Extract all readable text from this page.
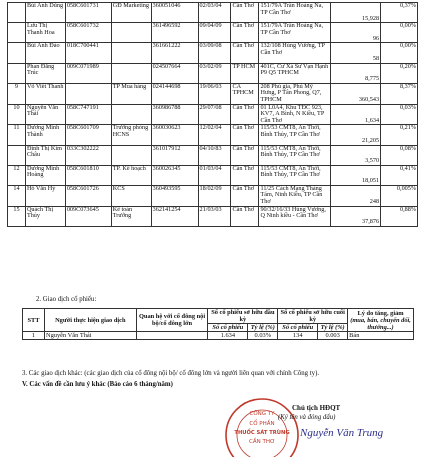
	Bùi Anh Dũng	058C601731	GĐ Marketing	360051046	02/03/04	Cần Thơ	151/79A Trần Hoàng Na, TP Cần Thơ	15,928	0,37%
	Lưu Thị Thanh Hoa	058C601732		361496592	09/04/09	Cần Thơ	151/79A Trần Hoàng Na, TP Cần Thơ	96	0,00%
	Bùi Anh Đào	018C700441		361661222	03/09/08	Cần Thơ	132/108 Hùng Vương, TP Cần Thơ	58	0,00%
	Phan Đăng Trúc	009C071989		024507664	03/02/09	TP HCM	401C, Cư Xá Sư Vạn Hạnh P9 Q5 TPHCM	8,775	0,20%
9	Võ Viết Thanh		TP Mua hàng	024144698	19/06/03	CA TPHCM	208 Phú gia, Phú Mỹ Hưng, P Tân Phong, Q7, TPHCM	360,543	8,37%
10	Nguyễn Văn Thái	058C747191		360986788	29/07/08	Cần Thơ	01 L0A4, Khu TĐC 923, KV7, A Bình, N Kiều, TP Cần Thơ	1,634	0,03%
11	Dương Minh Thành	058C601709	Trưởng phòng HCNS	360030623	12/02/04	Cần Thơ	115/53 CMT8, An Thới, Bình Thủy, TP Cần Thơ	21,205	0,21%
	Đinh Thị Kim Châu	033C302222		361017912	04/10/83	Cần Thơ	115/53 CMT8, An Thới, Bình Thủy, TP Cần Thơ	3,570	0,08%
12	Dương Minh Hoàng	058C601810	TP. Kế hoạch	360026345	01/03/04	Cần Thơ	115/53 CMT8, An Thới, Bình Thủy, TP Cần Thơ	18,051	0,41%
14	Hồ Văn Hỷ	058C601726	KCS	360493595	18/02/09	Cần Thơ	11/25 Cách Mạng Tháng Tám, Ninh Kiều, TP Cần Thơ	248	0,005%
15	Quách Thị Thủy	009C073645	Kế toán Trưởng	362141254	21/03/03	Cần Thơ	90/32/16/33 Hùng Vương, Q Ninh kiều - Cần Thơ	37,876	0,88%
2. Giao dịch cổ phiếu:
STT	Người thực hiện giao dịch	Quan hệ với cổ đông nội bộ/cổ đông lớn	Số cổ phiếu sở hữu đầu kỳ		Số cổ phiếu sở hữu cuối kỳ		Lý do tăng, giảm
(mua, bán, chuyển đổi, thưởng...)
			Số cổ phiếu	Tỷ lệ (%)	Số cổ phiếu	Tỷ lệ (%)	
1	Nguyễn Văn Thái		1.634	0.03%	134	0.003	Bán
3. Các giao dịch khác: (các giao dịch của cổ đông nội bộ/ cổ đông lớn và người liên quan với chính Công ty).
V. Các vấn đề cần lưu ý khác (Báo cáo 6 tháng/năm)
CÔNG TY
CỔ PHẦN
THUỐC SÁT TRÙNG
CẦN THƠ
Chủ tịch HĐQT
(Ký tên và đóng dấu)
Nguyễn Văn Trung
